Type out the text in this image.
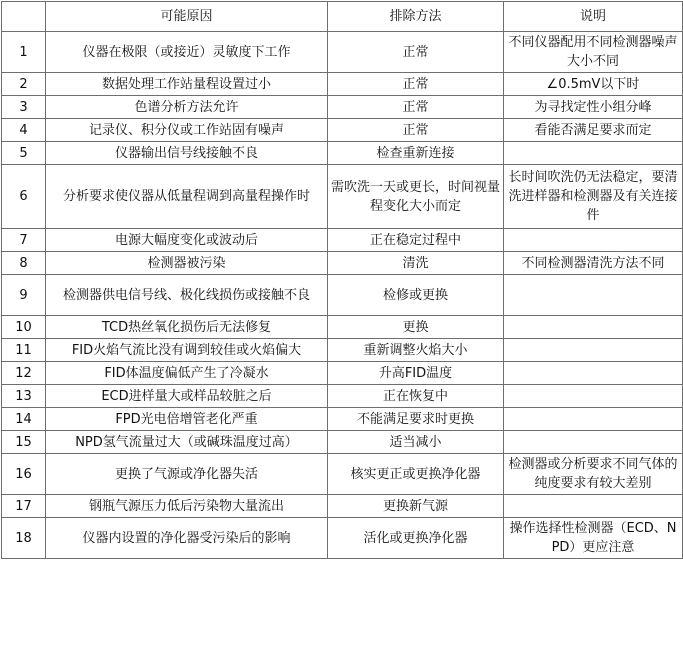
	可能原因	排除方法	说明
1	仪器在极限（或接近）灵敏度下工作	正常	不同仪器配用不同检测器噪声大小不同
2	数据处理工作站量程设置过小	正常	∠0.5mV以下时
3	色谱分析方法允许	正常	为寻找定性小组分峰
4	记录仪、积分仪或工作站固有噪声	正常	看能否满足要求而定
5	仪器输出信号线接触不良	检查重新连接	
6	分析要求使仪器从低量程调到高量程操作时	需吹洗一天或更长，时间视量程变化大小而定	长时间吹洗仍无法稳定，要清洗进样器和检测器及有关连接件
7	电源大幅度变化或波动后	正在稳定过程中	
8	检测器被污染	清洗	不同检测器清洗方法不同
9	检测器供电信号线、极化线损伤或接触不良	检修或更换	
10	TCD热丝氧化损伤后无法修复	更换	
11	FID火焰气流比没有调到较佳或火焰偏大	重新调整火焰大小	
12	FID体温度偏低产生了冷凝水	升高FID温度	
13	ECD进样量大或样品较脏之后	正在恢复中	
14	FPD光电倍增管老化严重	不能满足要求时更换	
15	NPD氢气流量过大（或碱珠温度过高）	适当减小	
16	更换了气源或净化器失活	核实更正或更换净化器	检测器或分析要求不同气体的纯度要求有较大差别
17	钢瓶气源压力低后污染物大量流出	更换新气源	
18	仪器内设置的净化器受污染后的影响	活化或更换净化器	操作选择性检测器（ECD、NPD）更应注意
